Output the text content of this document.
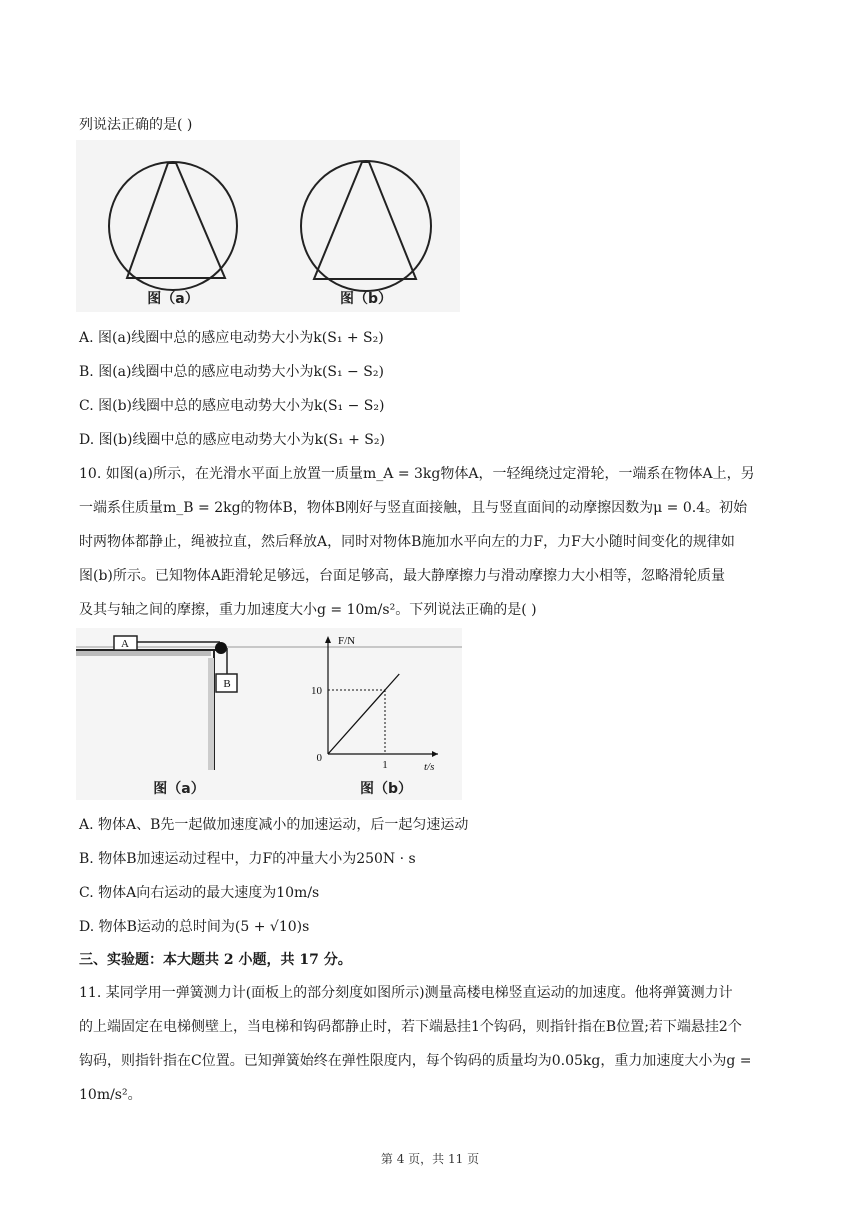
列说法正确的是( )
图（a）	图（b）
A. 图(a)线圈中总的感应电动势大小为k(S₁ + S₂)
B. 图(a)线圈中总的感应电动势大小为k(S₁ − S₂)
C. 图(b)线圈中总的感应电动势大小为k(S₁ − S₂)
D. 图(b)线圈中总的感应电动势大小为k(S₁ + S₂)
10. 如图(a)所示，在光滑水平面上放置一质量m_A = 3kg物体A，一轻绳绕过定滑轮，一端系在物体A上，另
一端系住质量m_B = 2kg的物体B，物体B刚好与竖直面接触，且与竖直面间的动摩擦因数为μ = 0.4。初始
时两物体都静止，绳被拉直，然后释放A，同时对物体B施加水平向左的力F，力F大小随时间变化的规律如
图(b)所示。已知物体A距滑轮足够远，台面足够高，最大静摩擦力与滑动摩擦力大小相等，忽略滑轮质量
及其与轴之间的摩擦，重力加速度大小g = 10m/s²。下列说法正确的是( )
A
B
图（a）
F/N
t/s
0
10
1
图（b）
A. 物体A、B先一起做加速度减小的加速运动，后一起匀速运动
B. 物体B加速运动过程中，力F的冲量大小为250N · s
C. 物体A向右运动的最大速度为10m/s
D. 物体B运动的总时间为(5 + √10)s
三、实验题：本大题共 2 小题，共 17 分。
11. 某同学用一弹簧测力计(面板上的部分刻度如图所示)测量高楼电梯竖直运动的加速度。他将弹簧测力计
的上端固定在电梯侧壁上，当电梯和钩码都静止时，若下端悬挂1个钩码，则指针指在B位置;若下端悬挂2个
钩码，则指针指在C位置。已知弹簧始终在弹性限度内，每个钩码的质量均为0.05kg，重力加速度大小为g =
10m/s²。
第 4 页，共 11 页
